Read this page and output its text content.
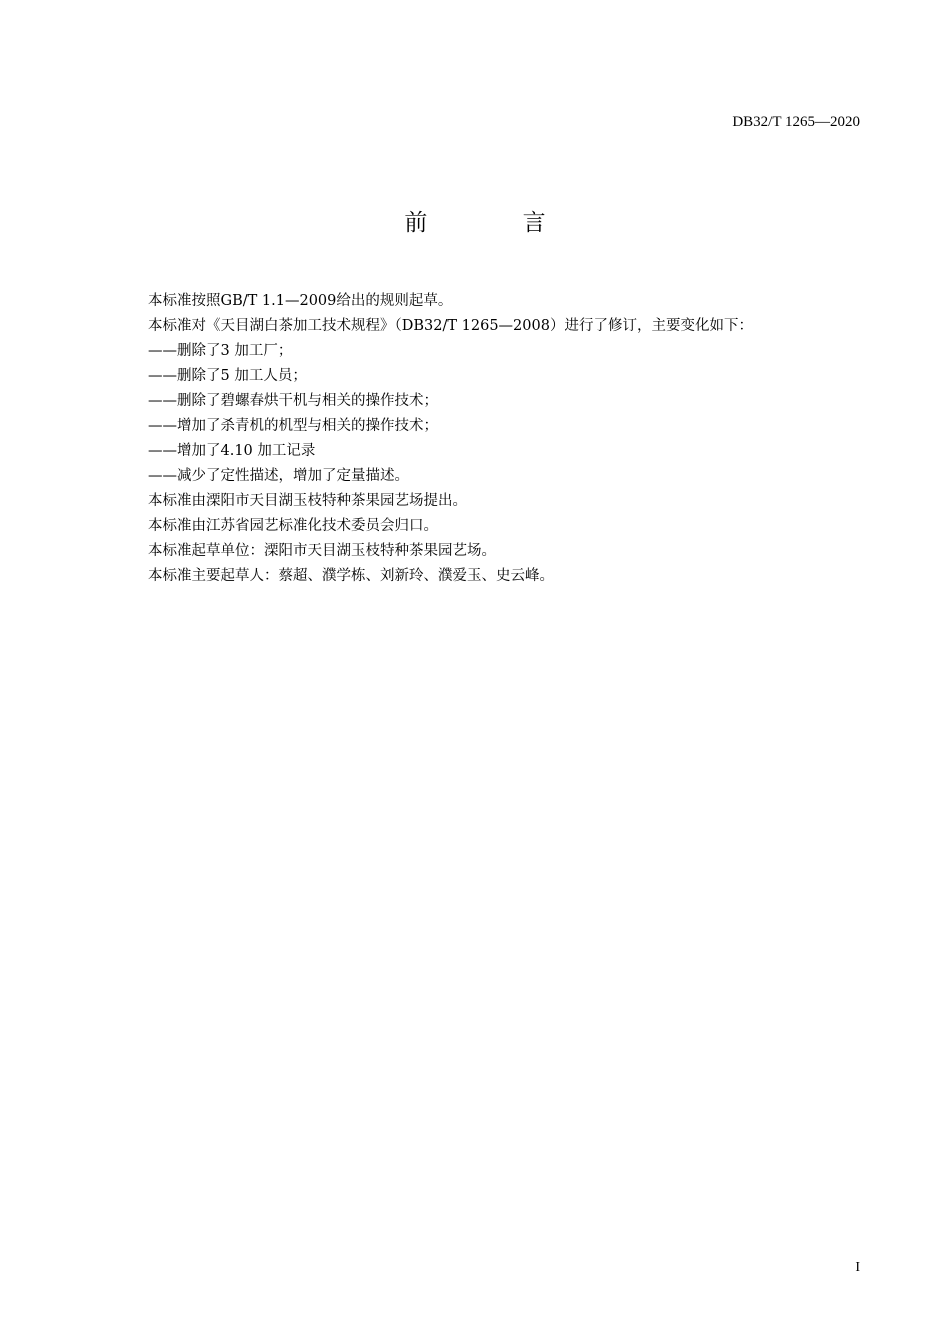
DB32/T 1265—2020
前 言
本标准按照GB/T 1.1—2009给出的规则起草。
本标准对《天目湖白茶加工技术规程》（DB32/T 1265—2008）进行了修订，主要变化如下：
——删除了3 加工厂；
——删除了5 加工人员；
——删除了碧螺春烘干机与相关的操作技术；
——增加了杀青机的机型与相关的操作技术；
——增加了4.10 加工记录
——减少了定性描述，增加了定量描述。
本标准由溧阳市天目湖玉枝特种茶果园艺场提出。
本标准由江苏省园艺标准化技术委员会归口。
本标准起草单位：溧阳市天目湖玉枝特种茶果园艺场。
本标准主要起草人：蔡超、濮学栋、刘新玲、濮爱玉、史云峰。
I
